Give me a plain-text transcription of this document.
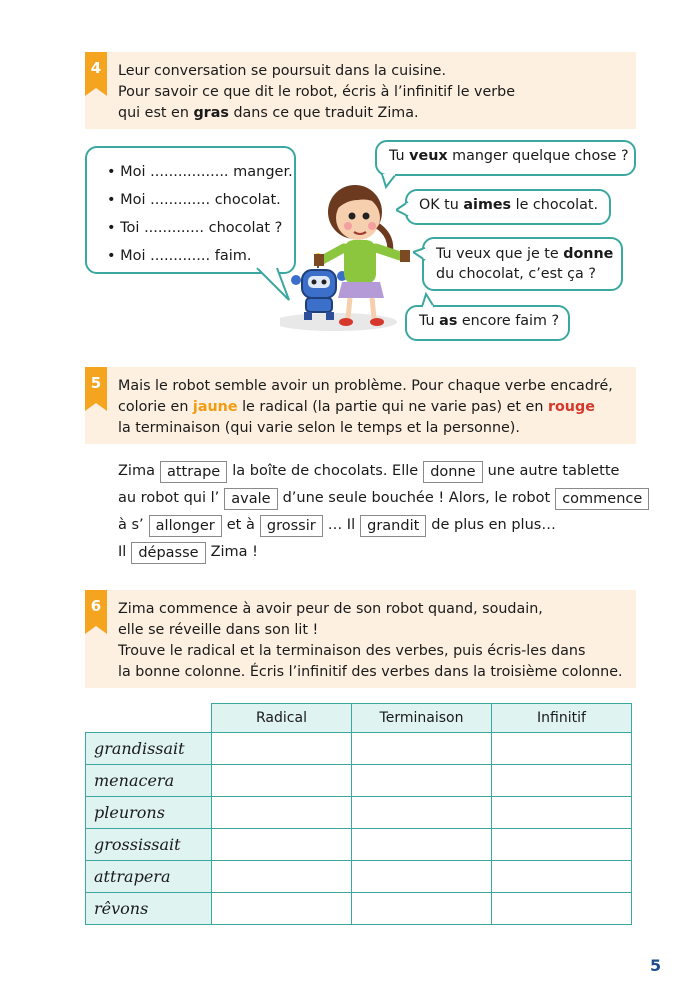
4	Leur conversation se poursuit dans la cuisine.
Pour savoir ce que dit le robot, écris à l’infinitif le verbe
qui est en gras dans ce que traduit Zima.
• Moi ................. manger.
• Moi ............. chocolat.
• Toi ............. chocolat ?
• Moi ............. faim.
Tu veux manger quelque chose ?
OK tu aimes le chocolat.
Tu veux que je te donne
du chocolat, c’est ça ?
Tu as encore faim ?
5	Mais le robot semble avoir un problème. Pour chaque verbe encadré,
colorie en jaune le radical (la partie qui ne varie pas) et en rouge
la terminaison (qui varie selon le temps et la personne).
Zima attrape la boîte de chocolats. Elle donne une autre tablette
au robot qui l’ avale d’une seule bouchée ! Alors, le robot commence
à s’ allonger et à grossir … Il grandit de plus en plus…
Il dépasse Zima !
6	Zima commence à avoir peur de son robot quand, soudain,
elle se réveille dans son lit !
Trouve le radical et la terminaison des verbes, puis écris-les dans
la bonne colonne. Écris l’infinitif des verbes dans la troisième colonne.
	Radical	Terminaison	Infinitif
grandissait			
menacera			
pleurons			
grossissait			
attrapera			
rêvons			
5
